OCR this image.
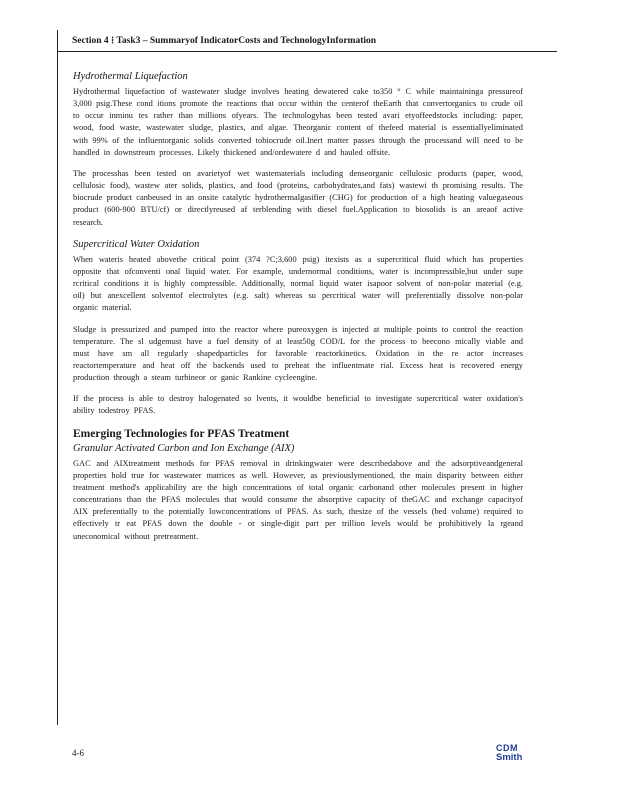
Section 4 ⁞ Task3 – Summaryof IndicatorCosts and TechnologyInformation
Hydrothermal Liquefaction

Hydrothermal liquefaction of wastewater sludge involves heating dewatered cake to350 ° C while maintaininga pressureof 3,000 psig.These cond itions promote the reactions that occur within the centerof theEarth that convertorganics to crude oil to occur inminu tes rather than millions ofyears. The technologyhas been tested avari etyoffeedstocks including: paper, wood, food waste, wastewater sludge, plastics, and algae. Theorganic content of thefeed material is essentiallyeliminated with 99% of the influentorganic solids converted tobiocrude oil.Inert matter passes through the processand will need to be handled in downstream processes. Likely thickened and/ordewatere d and hauled offsite.

The processhas been tested on avarietyof wet wastematerials including denseorganic cellulosic products (paper, wood, cellulosic food), wastew ater solids, plastics, and food (proteins, carbohydrates,and fats) wastewi th promising results. The biocrude product canbeused in an onsite catalytic hydrothermalgasifier (CHG) for production of a high heating valuegaseous product (600-900 BTU/cf) or directlyreused af terblending with diesel fuel.Application to biosolids is an areaof active research.

Supercritical Water Oxidation

When wateris heated abovethe critical point (374 ?C;3,600 psig) itexists as a supercritical fluid which has properties opposite that ofconventi onal liquid water. For example, undernormal conditions, water is incompressible,but under supe rcritical conditions it is highly compressible. Additionally, normal liquid water isapoor solvent of non-polar material (e.g. oil) but anexcellent solventof electrolytes (e.g. salt) whereas su percritical water will preferentially dissolve non-polar organic material.

Sludge is pressurized and pumped into the reactor where pureoxygen is injected at multiple points to control the reaction temperature. The sl udgemust have a fuel density of at least50g COD/L for the process to beecono mically viable and must have sm all regularly shapedparticles for favorable reactorkinetics. Oxidation in the re actor increases reactortemperature and heat off the backends used to preheat the influentmate rial. Excess heat is recovered energy production through a steam turbineor or ganic Rankine cycleengine.

If the process is able to destroy halogenated so lvents, it wouldbe beneficial to investigate supercritical water oxidation's ability todestroy PFAS.

Emerging Technologies for PFAS Treatment
Granular Activated Carbon and Ion Exchange (AIX)

GAC and AIXtreatment methods for PFAS removal in drinkingwater were describedabove and the adsorptiveandgeneral properties hold true for wastewater matrices as well. However, as previouslymentioned, the main disparity between either treatment method's applicability are the high concentrations of total organic carbonand other molecules present in higher concentrations than the PFAS molecules that would consume the absorptive capacity of theGAC and exchange capacityof AIX preferentially to the potentially lowconcentrations of PFAS. As such, thesize of the vessels (bed volume) required to effectively tr eat PFAS down the double - or single-digit part per trillion levels would be prohibitively la rgeand uneconomical without pretreatment.

4-6	CDM
Smith
